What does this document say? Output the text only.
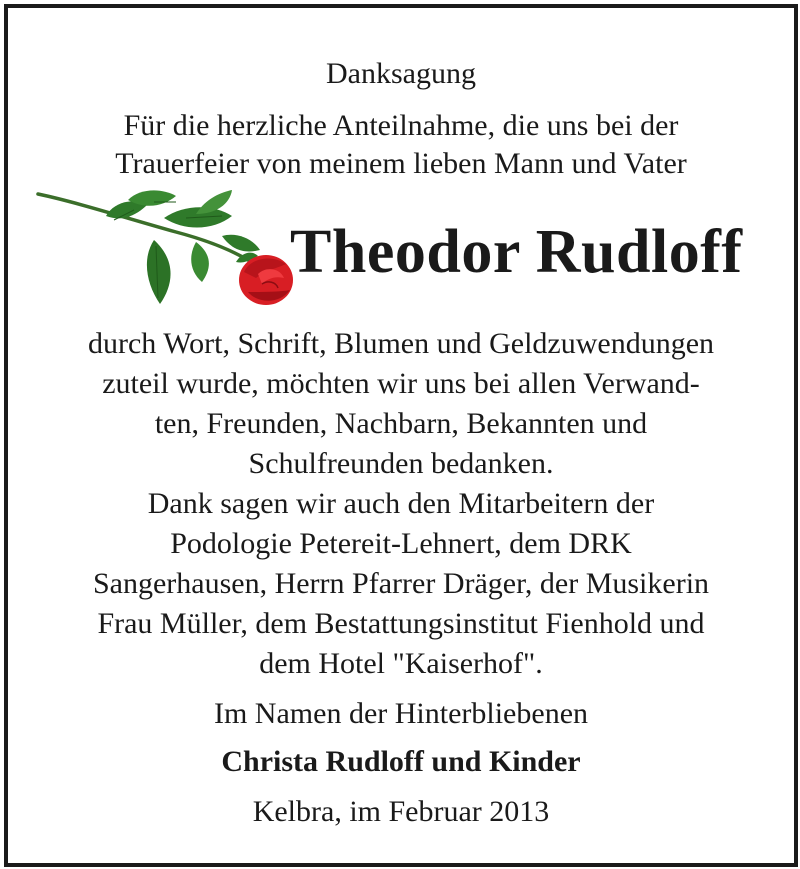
Danksagung
Für die herzliche Anteilnahme, die uns bei der
Trauerfeier von meinem lieben Mann und Vater
Theodor Rudloff
durch Wort, Schrift, Blumen und Geldzuwendungen
zuteil wurde, möchten wir uns bei allen Verwand-
ten, Freunden, Nachbarn, Bekannten und
Schulfreunden bedanken.
Dank sagen wir auch den Mitarbeitern der
Podologie Petereit-Lehnert, dem DRK
Sangerhausen, Herrn Pfarrer Dräger, der Musikerin
Frau Müller, dem Bestattungsinstitut Fienhold und
dem Hotel "Kaiserhof".
Im Namen der Hinterbliebenen
Christa Rudloff und Kinder
Kelbra, im Februar 2013
